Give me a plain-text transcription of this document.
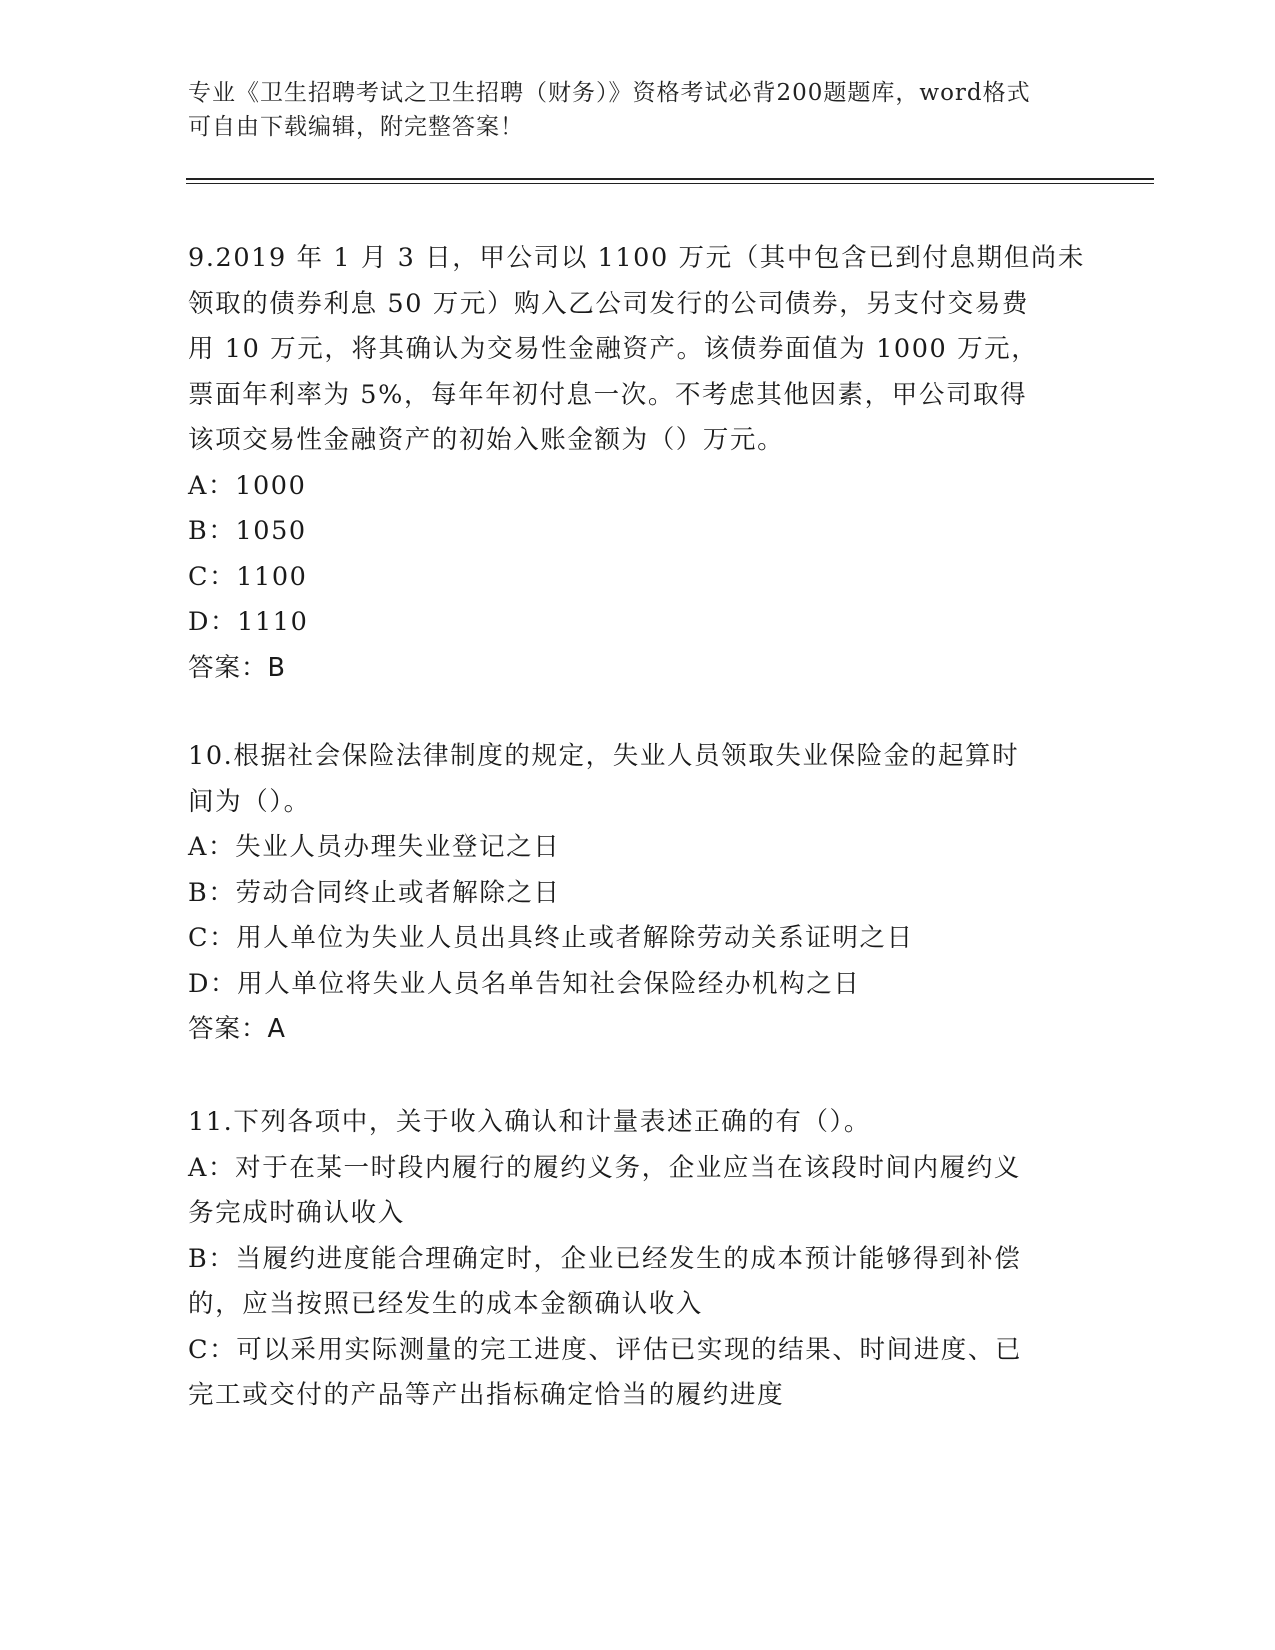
专业《卫生招聘考试之卫生招聘（财务）》资格考试必背200题题库，word格式
可自由下载编辑，附完整答案！
9.2019 年 1 月 3 日，甲公司以 1100 万元（其中包含已到付息期但尚未
领取的债券利息 50 万元）购入乙公司发行的公司债券，另支付交易费
用 10 万元，将其确认为交易性金融资产。该债券面值为 1000 万元，
票面年利率为 5%，每年年初付息一次。不考虑其他因素，甲公司取得
该项交易性金融资产的初始入账金额为（）万元。
A：1000
B：1050
C：1100
D：1110
答案：B
10.根据社会保险法律制度的规定，失业人员领取失业保险金的起算时
间为（）。
A：失业人员办理失业登记之日
B：劳动合同终止或者解除之日
C：用人单位为失业人员出具终止或者解除劳动关系证明之日
D：用人单位将失业人员名单告知社会保险经办机构之日
答案：A
11.下列各项中，关于收入确认和计量表述正确的有（）。
A：对于在某一时段内履行的履约义务，企业应当在该段时间内履约义
务完成时确认收入
B：当履约进度能合理确定时，企业已经发生的成本预计能够得到补偿
的，应当按照已经发生的成本金额确认收入
C：可以采用实际测量的完工进度、评估已实现的结果、时间进度、已
完工或交付的产品等产出指标确定恰当的履约进度
